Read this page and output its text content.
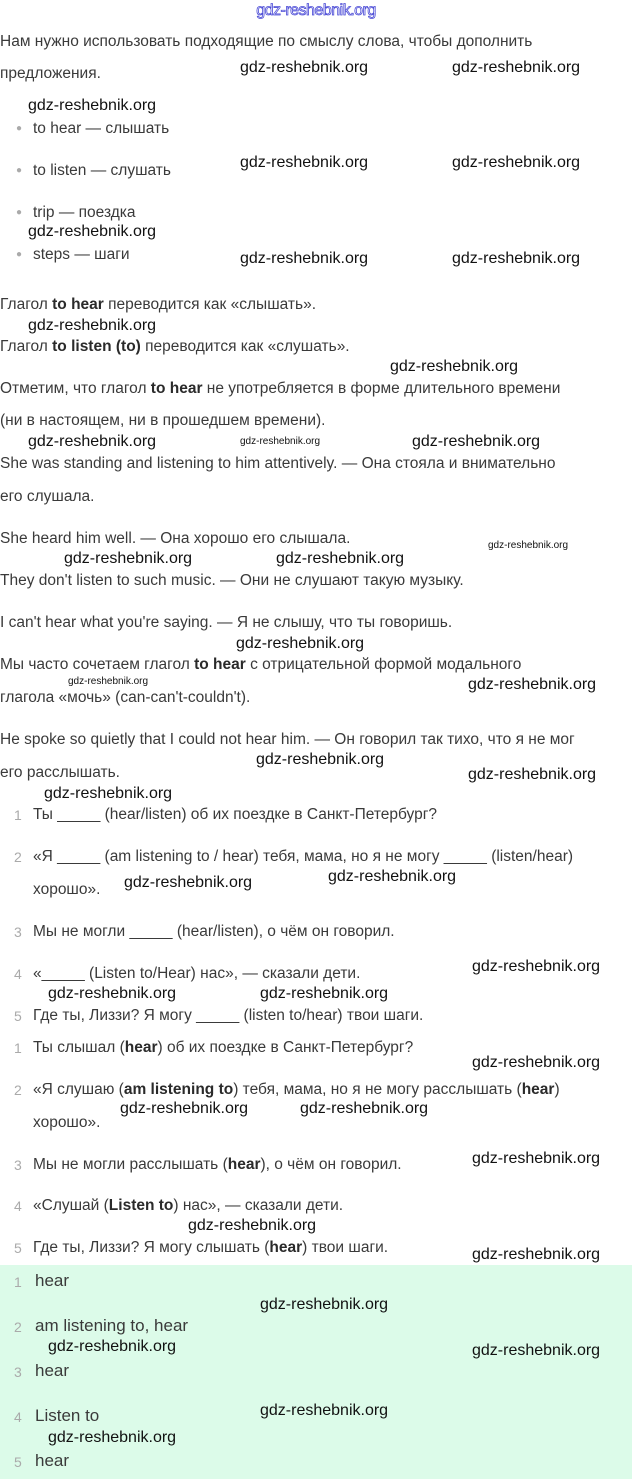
gdz-reshebnik.org
Нам нужно использовать подходящие по смыслу слова, чтобы дополнить
предложения.
● to hear — слышать
● to listen — слушать
● trip — поездка
● steps — шаги
Глагол to hear переводится как «слышать».
Глагол to listen (to) переводится как «слушать».
Отметим, что глагол to hear не употребляется в форме длительного времени
(ни в настоящем, ни в прошедшем времени).
She was standing and listening to him attentively. — Она стояла и внимательно
его слушала.
She heard him well. — Она хорошо его слышала.
They don't listen to such music. — Они не слушают такую музыку.
I can't hear what you're saying. — Я не слышу, что ты говоришь.
Мы часто сочетаем глагол to hear с отрицательной формой модального
глагола «мочь» (can-can't-couldn't).
He spoke so quietly that I could not hear him. — Он говорил так тихо, что я не мог
его расслышать.
1 Ты _____ (hear/listen) об их поездке в Санкт-Петербург?
2 «Я _____ (am listening to / hear) тебя, мама, но я не могу _____ (listen/hear)
хорошо».
3 Мы не могли _____ (hear/listen), о чём он говорил.
4 «_____ (Listen to/Hear) нас», — сказали дети.
5 Где ты, Лиззи? Я могу _____ (listen to/hear) твои шаги.
1 Ты слышал (hear) об их поездке в Санкт-Петербург?
2 «Я слушаю (am listening to) тебя, мама, но я не могу расслышать (hear)
хорошо».
3 Мы не могли расслышать (hear), о чём он говорил.
4 «Слушай (Listen to) нас», — сказали дети.
5 Где ты, Лиззи? Я могу слышать (hear) твои шаги.
1 hear
2 am listening to, hear
3 hear
4 Listen to
5 hear
gdz-reshebnik.org	gdz-reshebnik.org
gdz-reshebnik.org
gdz-reshebnik.org	gdz-reshebnik.org
gdz-reshebnik.org
gdz-reshebnik.org	gdz-reshebnik.org
gdz-reshebnik.org
gdz-reshebnik.org
gdz-reshebnik.org	gdz-reshebnik.org	gdz-reshebnik.org
gdz-reshebnik.org	gdz-reshebnik.org
gdz-reshebnik.org
gdz-reshebnik.org
gdz-reshebnik.org	gdz-reshebnik.org
gdz-reshebnik.org
gdz-reshebnik.org
gdz-reshebnik.org
gdz-reshebnik.org	gdz-reshebnik.org
gdz-reshebnik.org
gdz-reshebnik.org	gdz-reshebnik.org
gdz-reshebnik.org
gdz-reshebnik.org	gdz-reshebnik.org
gdz-reshebnik.org
gdz-reshebnik.org
gdz-reshebnik.org
gdz-reshebnik.org
gdz-reshebnik.org
gdz-reshebnik.org
gdz-reshebnik.org
gdz-reshebnik.org
